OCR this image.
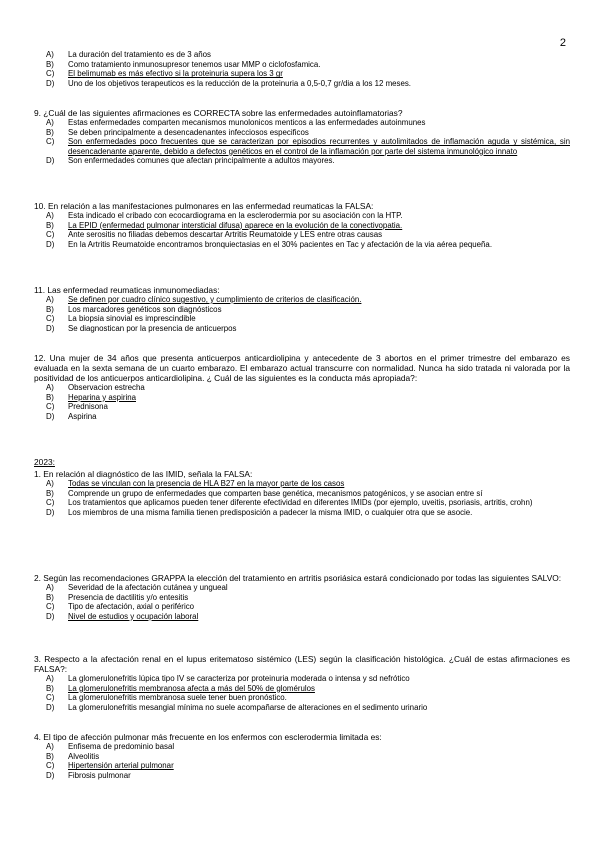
2
A) La duración del tratamiento es de 3 años
B) Como tratamiento inmunosupresor tenemos usar MMP o ciclofosfamica.
C) El belimumab es más efectivo si la proteinuria supera los 3 gr
D) Uno de los objetivos terapeuticos es la reducción de la proteinuria a 0,5-0,7 gr/dia a los 12 meses.

9. ¿Cuál de las siguientes afirmaciones es CORRECTA sobre las enfermedades autoinflamatorias?

A) Estas enfermedades comparten mecanismos munolonicos menticos a las enfermedades autoinmunes
B) Se deben principalmente a desencadenantes infecciosos especificos
C) Son enfermedades poco frecuentes que se caracterizan por episodios recurrentes y autolimitados de inflamación aguda y sistémica, sin desencadenante aparente, debido a defectos genéticos en el control de la inflamación por parte del sistema inmunológico innato
D) Son enfermedades comunes que afectan principalmente a adultos mayores.

10. En relación a las manifestaciones pulmonares en las enfermedad reumaticas la FALSA:

A) Esta indicado el cribado con ecocardiograma en la esclerodermia por su asociación con la HTP.
B) La EPID (enfermedad pulmonar intersticial difusa) aparece en la evolución de la conectivopatia.
C) Ante serositis no filiadas debemos descartar Artritis Reumatoide y LES entre otras causas
D) En la Artritis Reumatoide encontramos bronquiectasias en el 30% pacientes en Tac y afectación de la via aérea pequeña.

11. Las enfermedad reumaticas inmunomediadas:

A) Se definen por cuadro clínico sugestivo, y cumplimiento de criterios de clasificación.
B) Los marcadores genéticos son diagnósticos
C) La biopsia sinovial es imprescindible
D) Se diagnostican por la presencia de anticuerpos

12. Una mujer de 34 años que presenta anticuerpos anticardiolipina y antecedente de 3 abortos en el primer trimestre del embarazo es evaluada en la sexta semana de un cuarto embarazo. El embarazo actual transcurre con normalidad. Nunca ha sido tratada ni valorada por la positividad de los anticuerpos anticardiolipina. ¿ Cuál de las siguientes es la conducta más apropiada?:

A) Observacion estrecha
B) Heparina y aspirina
C) Prednisona
D) Aspirina
2023:

1. En relación al diagnóstico de las IMID, señala la FALSA:

A) Todas se vinculan con la presencia de HLA B27 en la mayor parte de los casos
B) Comprende un grupo de enfermedades que comparten base genética, mecanismos patogénicos, y se asocian entre sí
C) Los tratamientos que aplicamos pueden tener diferente efectividad en diferentes IMIDs (por ejemplo, uveitis, psoriasis, artritis, crohn)
D) Los miembros de una misma familia tienen predisposición a padecer la misma IMID, o cualquier otra que se asocie.

2. Según las recomendaciones GRAPPA la elección del tratamiento en artritis psoriásica estará condicionado por todas las siguientes SALVO:

A) Severidad de la afectación cutánea y ungueal
B) Presencia de dactilitis y/o entesitis
C) Tipo de afectación, axial o periférico
D) Nivel de estudios y ocupación laboral

3. Respecto a la afectación renal en el lupus eritematoso sistémico (LES) según la clasificación histológica. ¿Cuál de estas afirmaciones es FALSA?:

A) La glomerulonefritis lúpica tipo IV se caracteriza por proteinuria moderada o intensa y sd nefrótico
B) La glomerulonefritis membranosa afecta a más del 50% de glomérulos
C) La glomerulonefritis membranosa suele tener buen pronóstico.
D) La glomerulonefritis mesangial mínima no suele acompañarse de alteraciones en el sedimento urinario

4. El tipo de afección pulmonar más frecuente en los enfermos con esclerodermia limitada es:

A) Enfisema de predominio basal
B) Alveolitis
C) Hipertensión arterial pulmonar
D) Fibrosis pulmonar
